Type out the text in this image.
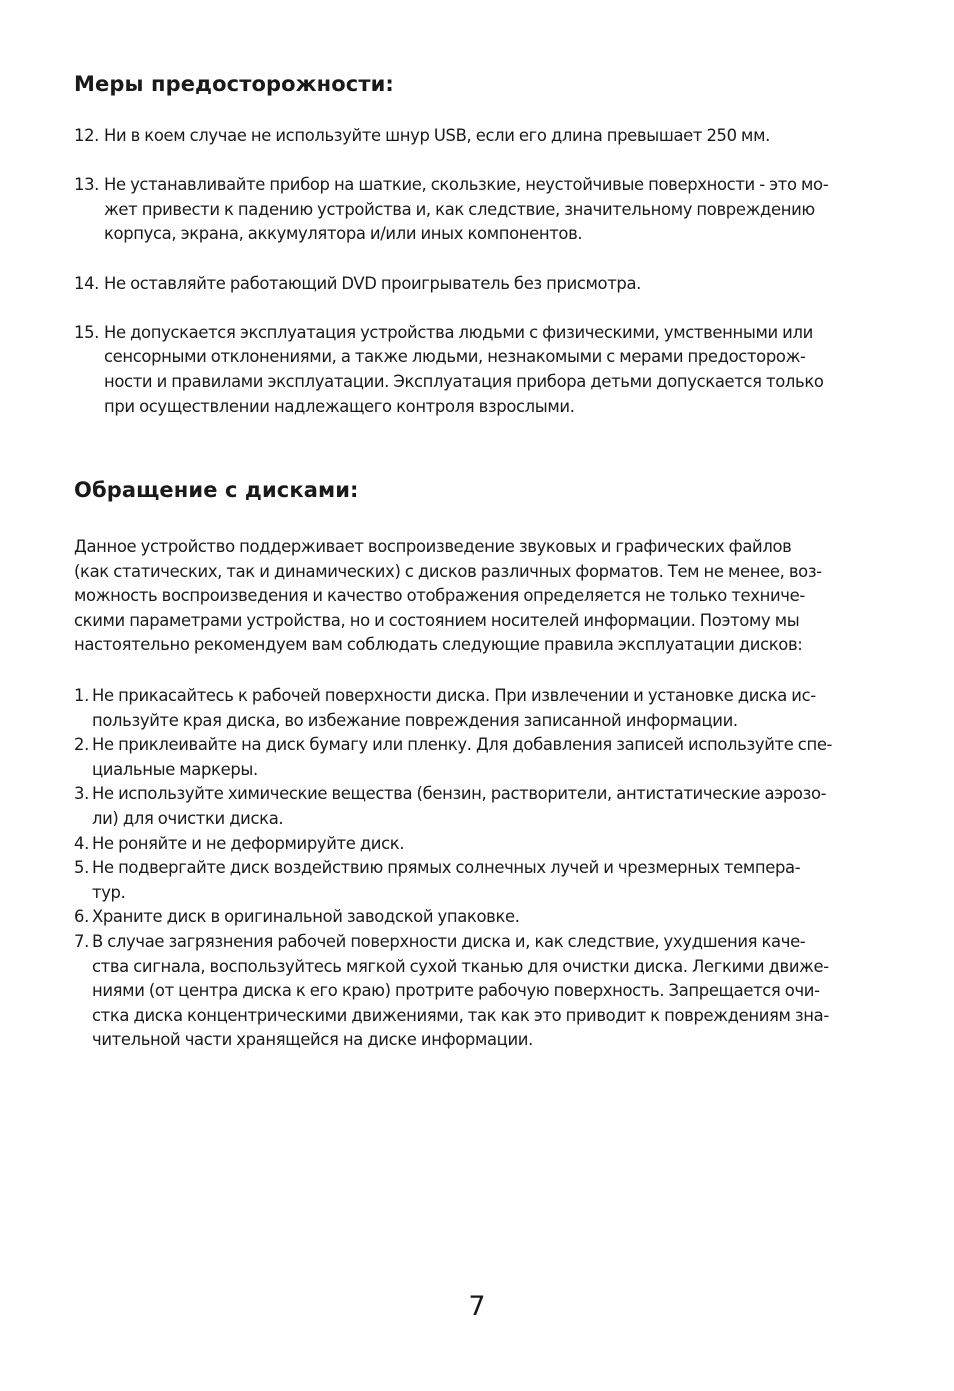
Меры предосторожности:
12. Ни в коем случае не используйте шнур USB, если его длина превышает 250 мм.
13. Не устанавливайте прибор на шаткие, скользкие, неустойчивые поверхности - это мо-
жет привести к падению устройства и, как следствие, значительному повреждению
корпуса, экрана, аккумулятора и/или иных компонентов.
14. Не оставляйте работающий DVD проигрыватель без присмотра.
15. Не допускается эксплуатация устройства людьми с физическими, умственными или
сенсорными отклонениями, а также людьми, незнакомыми с мерами предосторож-
ности и правилами эксплуатации. Эксплуатация прибора детьми допускается только
при осуществлении надлежащего контроля взрослыми.
Обращение с дисками:
Данное устройство поддерживает воспроизведение звуковых и графических файлов
(как статических, так и динамических) с дисков различных форматов. Тем не менее, воз-
можность воспроизведения и качество отображения определяется не только техниче-
скими параметрами устройства, но и состоянием носителей информации. Поэтому мы
настоятельно рекомендуем вам соблюдать следующие правила эксплуатации дисков:
1. Не прикасайтесь к рабочей поверхности диска. При извлечении и установке диска ис-
пользуйте края диска, во избежание повреждения записанной информации.
2. Не приклеивайте на диск бумагу или пленку. Для добавления записей используйте спе-
циальные маркеры.
3. Не используйте химические вещества (бензин, растворители, антистатические аэрозо-
ли) для очистки диска.
4. Не роняйте и не деформируйте диск.
5. Не подвергайте диск воздействию прямых солнечных лучей и чрезмерных темпера-
тур.
6. Храните диск в оригинальной заводской упаковке.
7. В случае загрязнения рабочей поверхности диска и, как следствие, ухудшения каче-
ства сигнала, воспользуйтесь мягкой сухой тканью для очистки диска. Легкими движе-
ниями (от центра диска к его краю) протрите рабочую поверхность. Запрещается очи-
стка диска концентрическими движениями, так как это приводит к повреждениям зна-
чительной части хранящейся на диске информации.
7
